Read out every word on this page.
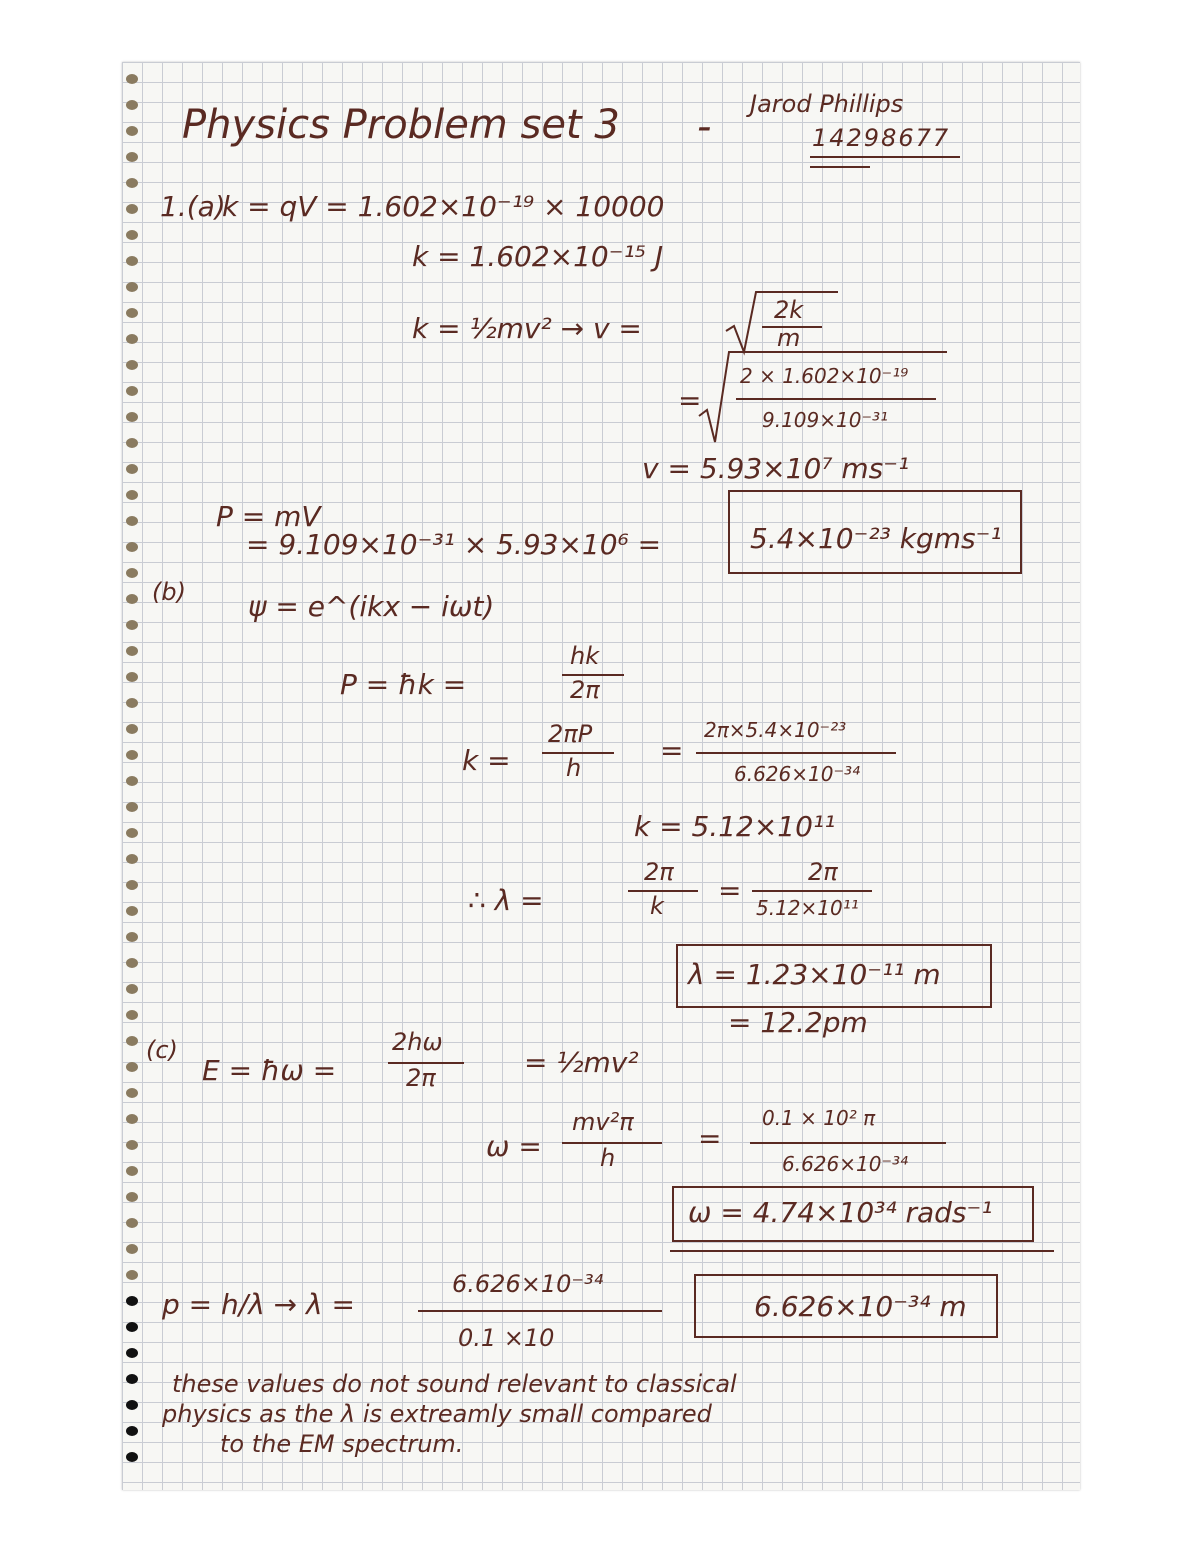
Physics Problem set 3 - Jarod Phillips
14298677
1.(a)
k = qV = 1.602×10⁻¹⁹ × 10000
k = 1.602×10⁻¹⁵ J
k = ½mv² → v =
2k
m
=
2 × 1.602×10⁻¹⁹
9.109×10⁻³¹
v = 5.93×10⁷ ms⁻¹
P = mV
= 9.109×10⁻³¹ × 5.93×10⁶ =	5.4×10⁻²³ kgms⁻¹
(b) ψ = e^(ikx − iωt)
P = ħk =
hk
2π
k =
2πP
h
=
2π×5.4×10⁻²³
6.626×10⁻³⁴
k = 5.12×10¹¹
∴ λ =
2π
k =
2π
5.12×10¹¹
λ = 1.23×10⁻¹¹ m
= 12.2pm
(c)
E = ħω =
2hω
2π	= ½mv²
ω =
mv²π
h
=
0.1 × 10² π
6.626×10⁻³⁴
ω = 4.74×10³⁴ rads⁻¹
p = h/λ → λ =
6.626×10⁻³⁴
0.1 ×10
6.626×10⁻³⁴ m
these values do not sound relevant to classical
physics as the λ is extreamly small compared
to the EM spectrum.
